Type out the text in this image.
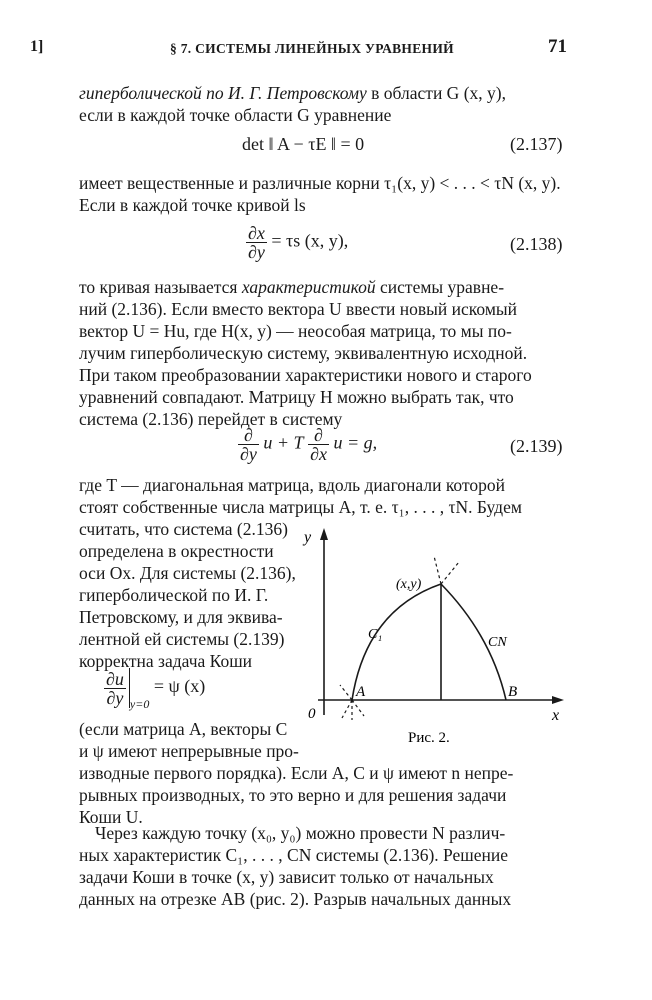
1]	§ 7. СИСТЕМЫ ЛИНЕЙНЫХ УРАВНЕНИЙ	71
гиперболической по И. Г. Петровскому в области G (x, y),
если в каждой точке области G уравнение
det ‖ A − τE ‖ = 0	(2.137)
имеет вещественные и различные корни τ₁(x, y) < . . . < τN (x, y).
Если в каждой точке кривой ls
$\frac{\partial x}{\partial y} = \tau s$ (x, y),	(2.138)
то кривая называется характеристикой системы уравне-
ний (2.136). Если вместо вектора U ввести новый искомый
вектор U = Hu, где H(x, y) — неособая матрица, то мы по-
лучим гиперболическую систему, эквивалентную исходной.
При таком преобразовании характеристики нового и старого
уравнений совпадают. Матрицу H можно выбрать так, что
система (2.136) перейдет в систему
$\frac{\partial}{\partial y}$ u + T $\frac{\partial}{\partial x}$ u = g,	(2.139)
где T — диагональная матрица, вдоль диагонали которой
стоят собственные числа матрицы A, т. е. τ₁, . . . , τN. Будем
считать, что система (2.136)
определена в окрестности
оси Ox. Для системы (2.136),
гиперболической по И. Г.
Петровскому, и для эквива-
лентной ей системы (2.139)
корректна задача Коши
$\frac{\partial u}{\partial y} _{y=0} = \psi$ (x)
(если матрица A, векторы C
и ψ имеют непрерывные про-
изводные первого порядка). Если A, C и ψ имеют n непре-
рывных производных, то это верно и для решения задачи
Коши U.
Через каждую точку (x₀, y₀) можно провести N различ-
ных характеристик C₁, . . . , CN системы (2.136). Решение
задачи Коши в точке (x, y) зависит только от начальных
данных на отрезке AB (рис. 2). Разрыв начальных данных
y
x
0
A	B
(x,y)
C₁
CN
Рис. 2.
